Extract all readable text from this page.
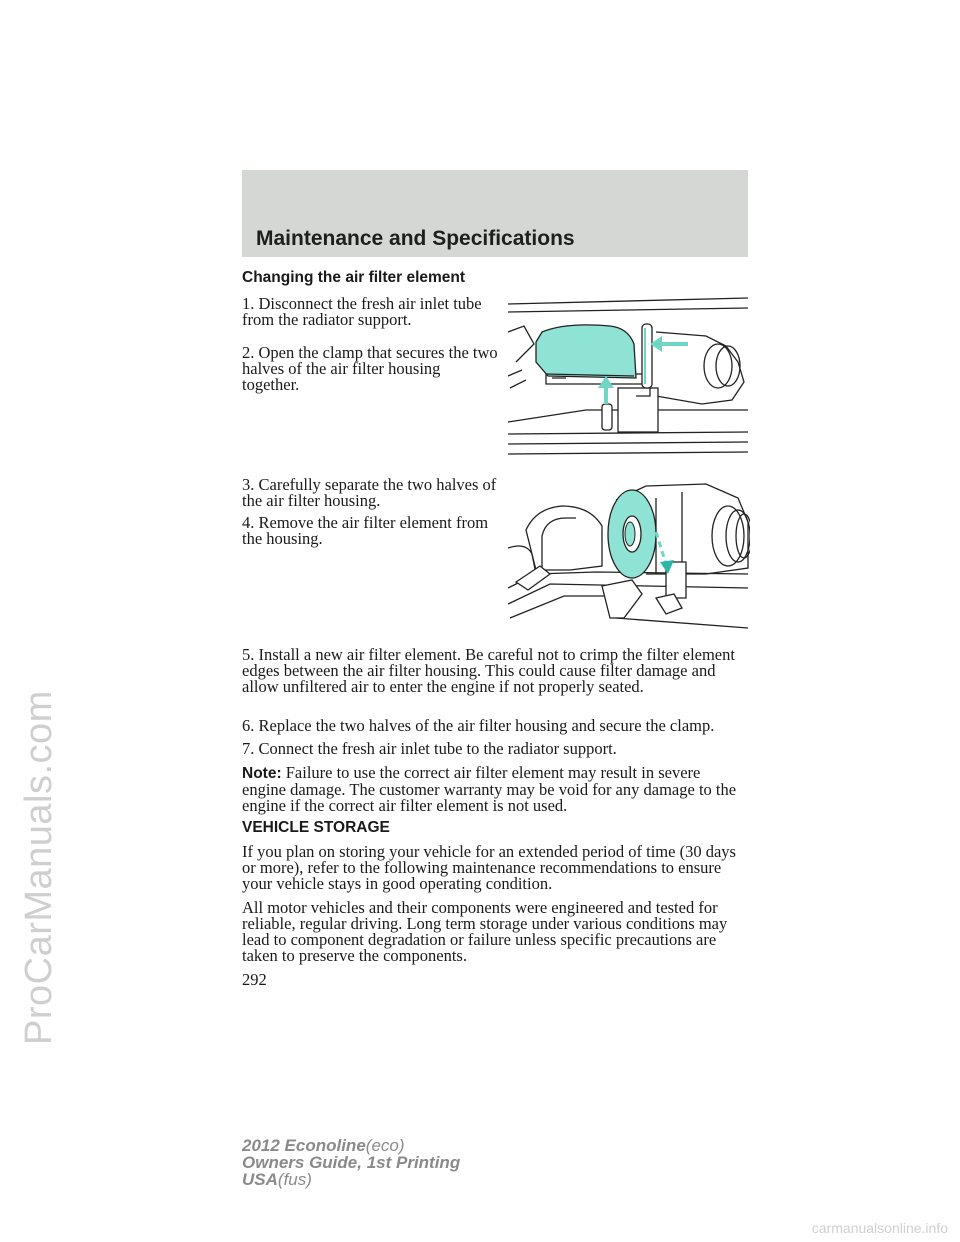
ProCarManuals.com
Maintenance and Specifications

Changing the air filter element

1. Disconnect the fresh air inlet tube from the radiator support.

2. Open the clamp that secures the two halves of the air filter housing together.

3. Carefully separate the two halves of the air filter housing.

4. Remove the air filter element from the housing.

5. Install a new air filter element. Be careful not to crimp the filter element edges between the air filter housing. This could cause filter damage and allow unfiltered air to enter the engine if not properly seated.

6. Replace the two halves of the air filter housing and secure the clamp.

7. Connect the fresh air inlet tube to the radiator support.

Note: Failure to use the correct air filter element may result in severe engine damage. The customer warranty may be void for any damage to the engine if the correct air filter element is not used.

VEHICLE STORAGE

If you plan on storing your vehicle for an extended period of time (30 days or more), refer to the following maintenance recommendations to ensure your vehicle stays in good operating condition.

All motor vehicles and their components were engineered and tested for reliable, regular driving. Long term storage under various conditions may lead to component degradation or failure unless specific precautions are taken to preserve the components.

292

2012 Econoline(eco)
Owners Guide, 1st Printing
USA(fus)
carmanualsonline.info
